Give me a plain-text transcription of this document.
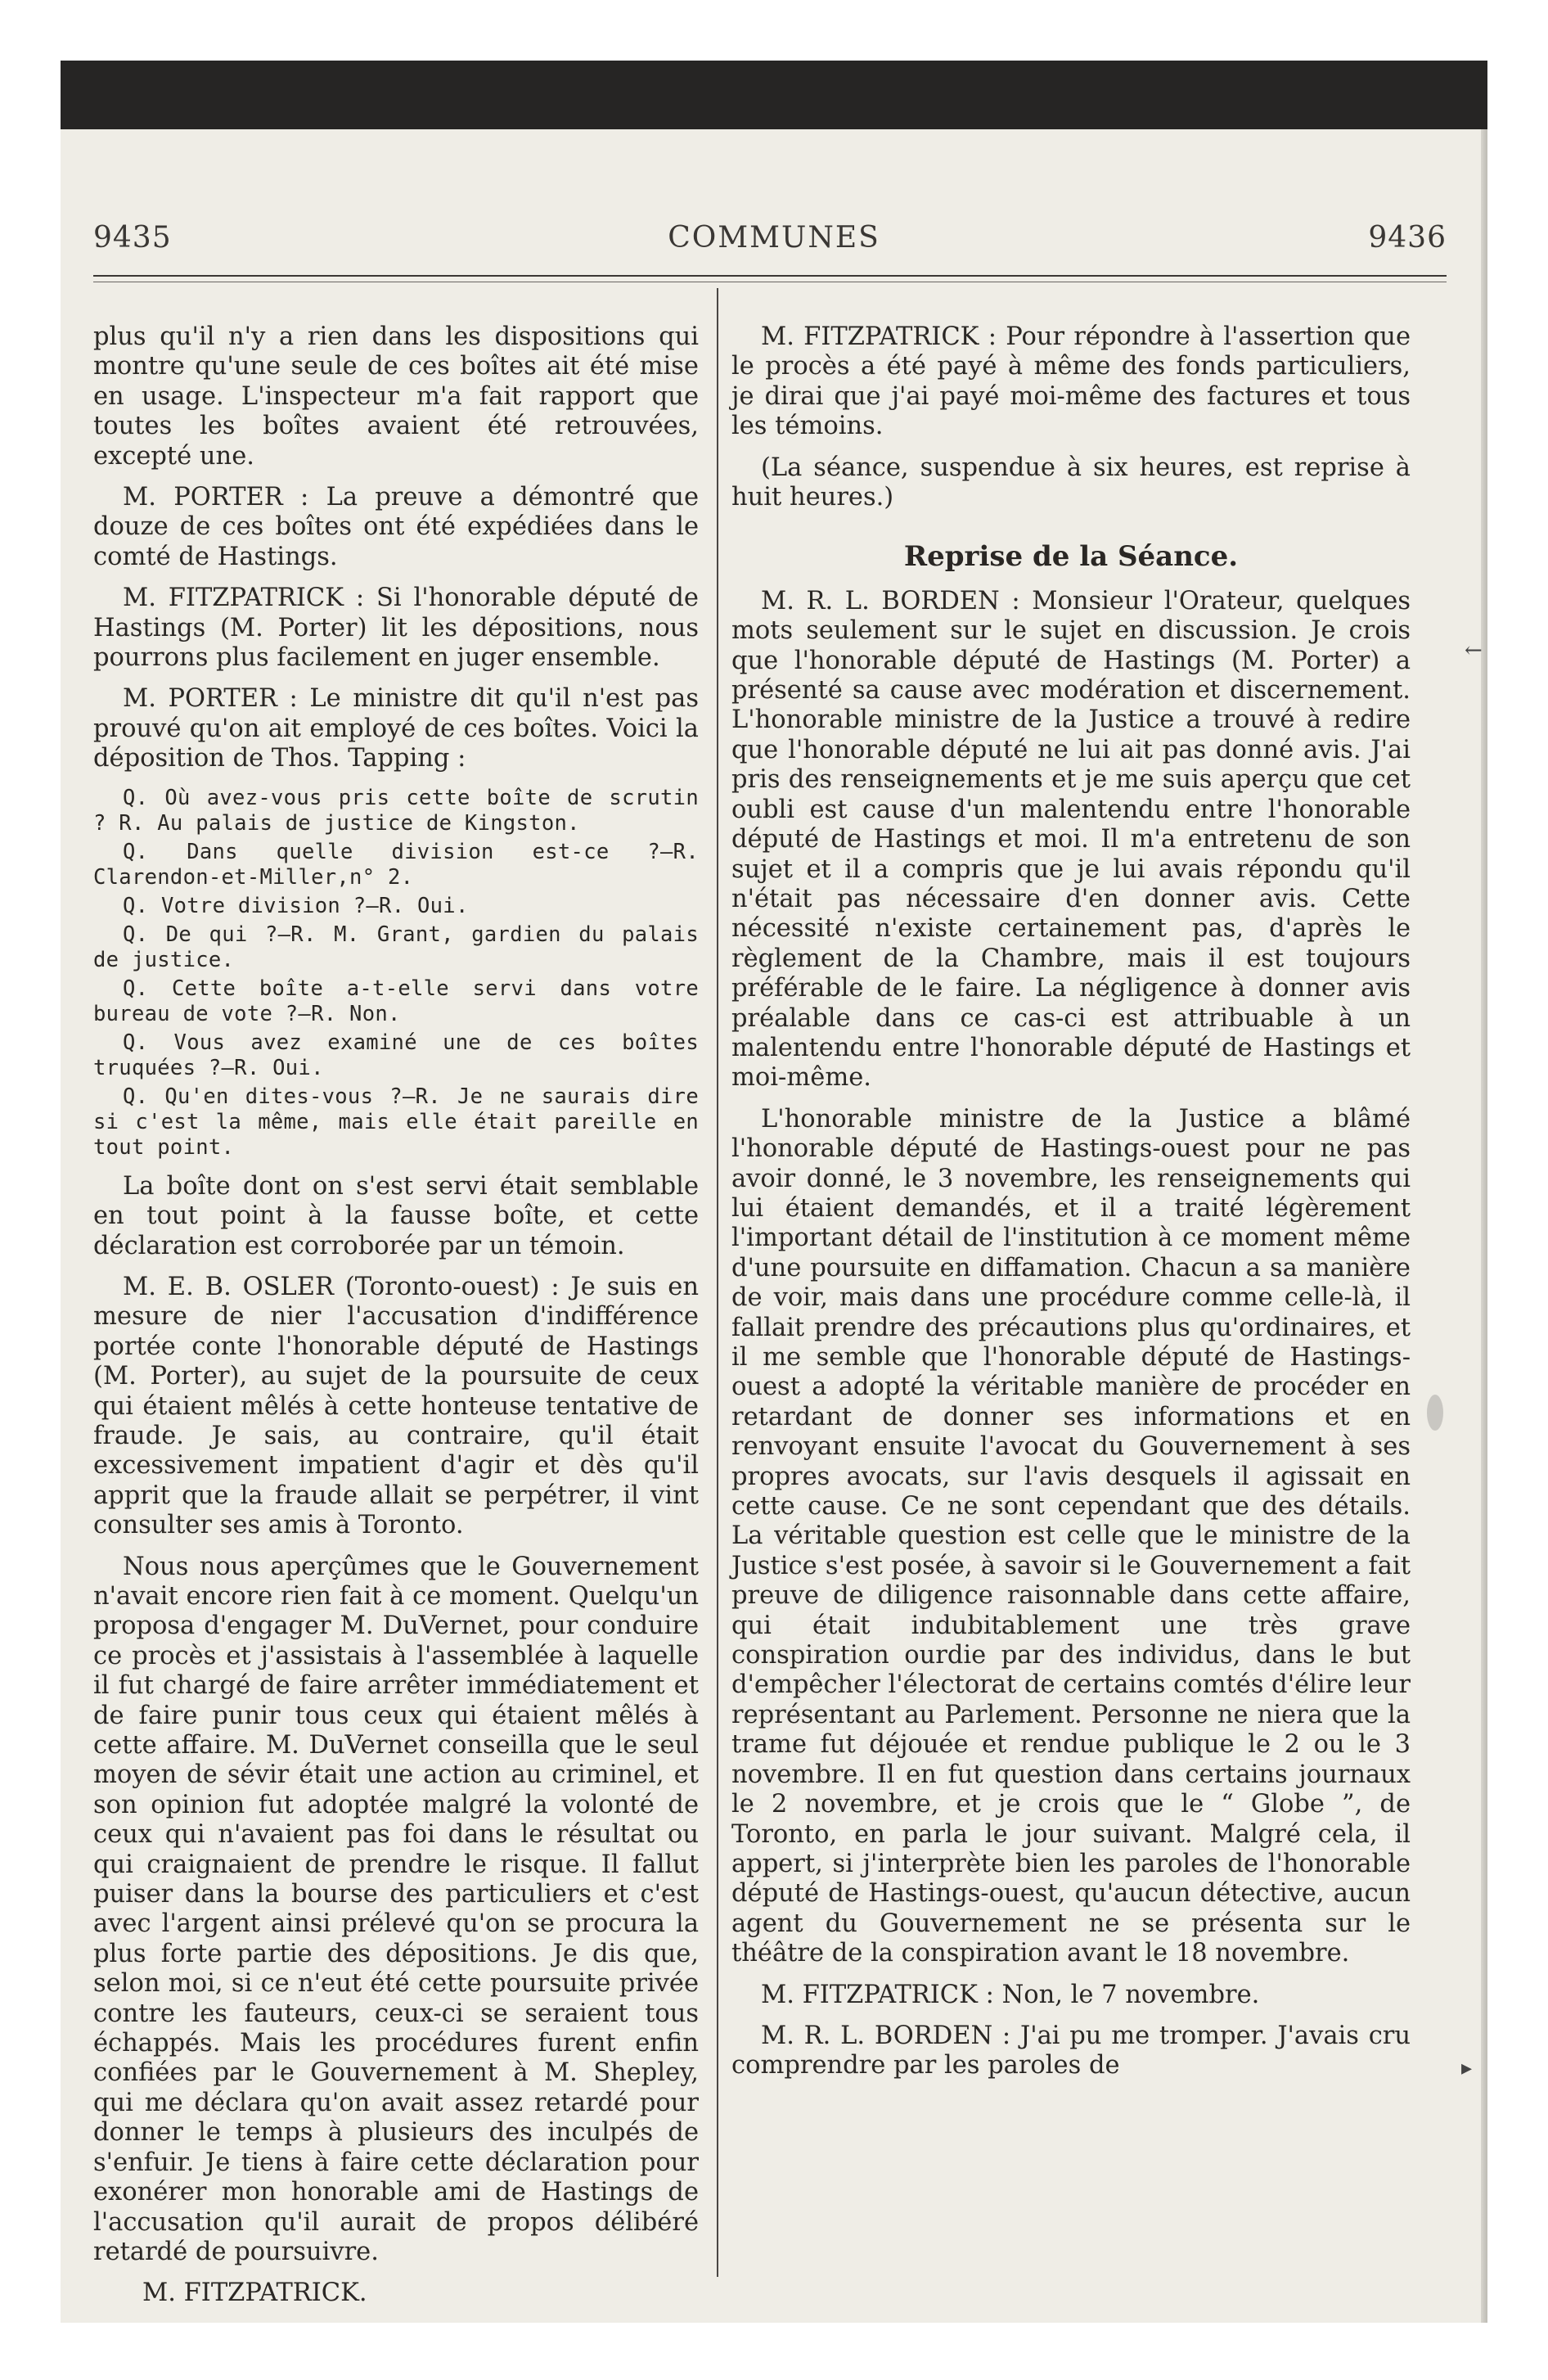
9435	COMMUNES	9436

plus qu'il n'y a rien dans les dispositions qui montre qu'une seule de ces boîtes ait été mise en usage. L'inspecteur m'a fait rapport que toutes les boîtes avaient été retrouvées, excepté une.

M. PORTER : La preuve a démontré que douze de ces boîtes ont été expédiées dans le comté de Hastings.

M. FITZPATRICK : Si l'honorable député de Hastings (M. Porter) lit les dépositions, nous pourrons plus facilement en juger ensemble.

M. PORTER : Le ministre dit qu'il n'est pas prouvé qu'on ait employé de ces boîtes. Voici la déposition de Thos. Tapping :

Q. Où avez-vous pris cette boîte de scrutin ? R. Au palais de justice de Kingston.

Q. Dans quelle division est-ce ?—R. Clarendon-et-Miller,n° 2.

Q. Votre division ?—R. Oui.

Q. De qui ?—R. M. Grant, gardien du palais de justice.

Q. Cette boîte a-t-elle servi dans votre bureau de vote ?—R. Non.

Q. Vous avez examiné une de ces boîtes truquées ?—R. Oui.

Q. Qu'en dites-vous ?—R. Je ne saurais dire si c'est la même, mais elle était pareille en tout point.

La boîte dont on s'est servi était semblable en tout point à la fausse boîte, et cette déclaration est corroborée par un témoin.

M. E. B. OSLER (Toronto-ouest) : Je suis en mesure de nier l'accusation d'indifférence portée conte l'honorable député de Hastings (M. Porter), au sujet de la poursuite de ceux qui étaient mêlés à cette honteuse tentative de fraude. Je sais, au contraire, qu'il était excessivement impatient d'agir et dès qu'il apprit que la fraude allait se perpétrer, il vint consulter ses amis à Toronto.

Nous nous aperçûmes que le Gouvernement n'avait encore rien fait à ce moment. Quelqu'un proposa d'engager M. DuVernet, pour conduire ce procès et j'assistais à l'assemblée à laquelle il fut chargé de faire arrêter immédiatement et de faire punir tous ceux qui étaient mêlés à cette affaire. M. DuVernet conseilla que le seul moyen de sévir était une action au criminel, et son opinion fut adoptée malgré la volonté de ceux qui n'avaient pas foi dans le résultat ou qui craignaient de prendre le risque. Il fallut puiser dans la bourse des particuliers et c'est avec l'argent ainsi prélevé qu'on se procura la plus forte partie des dépositions. Je dis que, selon moi, si ce n'eut été cette poursuite privée contre les fauteurs, ceux-ci se seraient tous échappés. Mais les procédures furent enfin confiées par le Gouvernement à M. Shepley, qui me déclara qu'on avait assez retardé pour donner le temps à plusieurs des inculpés de s'enfuir. Je tiens à faire cette déclaration pour exonérer mon honorable ami de Hastings de l'accusation qu'il aurait de propos délibéré retardé de poursuivre.

M. FITZPATRICK.

M. FITZPATRICK : Pour répondre à l'assertion que le procès a été payé à même des fonds particuliers, je dirai que j'ai payé moi-même des factures et tous les témoins.

(La séance, suspendue à six heures, est reprise à huit heures.)

Reprise de la Séance.

M. R. L. BORDEN : Monsieur l'Orateur, quelques mots seulement sur le sujet en discussion. Je crois que l'honorable député de Hastings (M. Porter) a présenté sa cause avec modération et discernement. L'honorable ministre de la Justice a trouvé à redire que l'honorable député ne lui ait pas donné avis. J'ai pris des renseignements et je me suis aperçu que cet oubli est cause d'un malentendu entre l'honorable député de Hastings et moi. Il m'a entretenu de son sujet et il a compris que je lui avais répondu qu'il n'était pas nécessaire d'en donner avis. Cette nécessité n'existe certainement pas, d'après le règlement de la Chambre, mais il est toujours préférable de le faire. La négligence à donner avis préalable dans ce cas-ci est attribuable à un malentendu entre l'honorable député de Hastings et moi-même.

L'honorable ministre de la Justice a blâmé l'honorable député de Hastings-ouest pour ne pas avoir donné, le 3 novembre, les renseignements qui lui étaient demandés, et il a traité légèrement l'important détail de l'institution à ce moment même d'une poursuite en diffamation. Chacun a sa manière de voir, mais dans une procédure comme celle-là, il fallait prendre des précautions plus qu'ordinaires, et il me semble que l'honorable député de Hastings-ouest a adopté la véritable manière de procéder en retardant de donner ses informations et en renvoyant ensuite l'avocat du Gouvernement à ses propres avocats, sur l'avis desquels il agissait en cette cause. Ce ne sont cependant que des détails. La véritable question est celle que le ministre de la Justice s'est posée, à savoir si le Gouvernement a fait preuve de diligence raisonnable dans cette affaire, qui était indubitablement une très grave conspiration ourdie par des individus, dans le but d'empêcher l'électorat de certains comtés d'élire leur représentant au Parlement. Personne ne niera que la trame fut déjouée et rendue publique le 2 ou le 3 novembre. Il en fut question dans certains journaux le 2 novembre, et je crois que le “ Globe ”, de Toronto, en parla le jour suivant. Malgré cela, il appert, si j'interprète bien les paroles de l'honorable député de Hastings-ouest, qu'aucun détective, aucun agent du Gouvernement ne se présenta sur le théâtre de la conspiration avant le 18 novembre.

M. FITZPATRICK : Non, le 7 novembre.

M. R. L. BORDEN : J'ai pu me tromper. J'avais cru comprendre par les paroles de

←
▸
